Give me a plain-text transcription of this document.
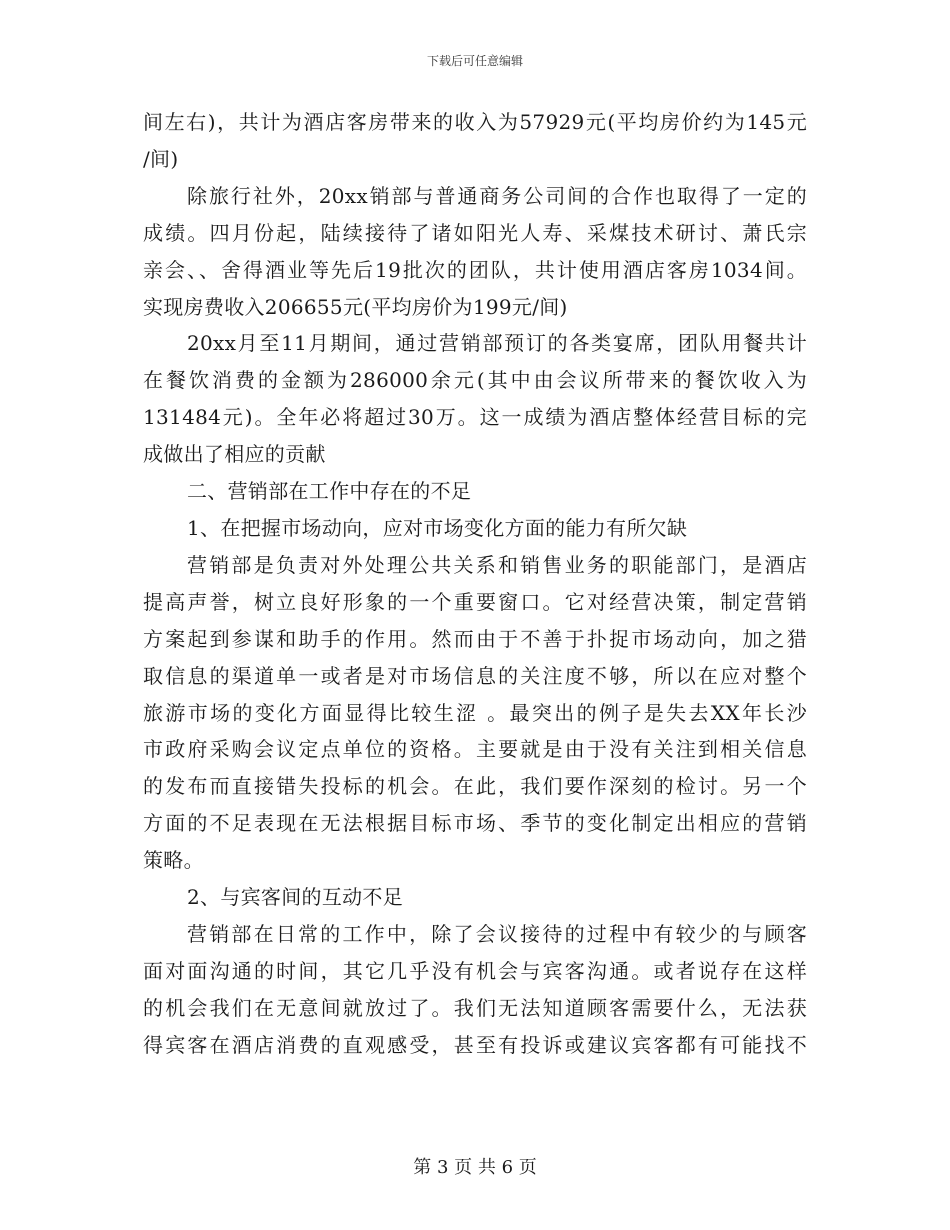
下载后可任意编辑
间左右)，共计为酒店客房带来的收入为57929元(平均房价约为145元
/间)
除旅行社外，20xx销部与普通商务公司间的合作也取得了一定的
成绩。四月份起，陆续接待了诸如阳光人寿、采煤技术研讨、萧氏宗
亲会、、舍得酒业等先后19批次的团队，共计使用酒店客房1034间。
实现房费收入206655元(平均房价为199元/间)
20xx月至11月期间，通过营销部预订的各类宴席，团队用餐共计
在餐饮消费的金额为286000余元(其中由会议所带来的餐饮收入为
131484元)。全年必将超过30万。这一成绩为酒店整体经营目标的完
成做出了相应的贡献
二、营销部在工作中存在的不足
1、在把握市场动向，应对市场变化方面的能力有所欠缺
营销部是负责对外处理公共关系和销售业务的职能部门，是酒店
提高声誉，树立良好形象的一个重要窗口。它对经营决策，制定营销
方案起到参谋和助手的作用。然而由于不善于扑捉市场动向，加之猎
取信息的渠道单一或者是对市场信息的关注度不够，所以在应对整个
旅游市场的变化方面显得比较生涩 。最突出的例子是失去XX年长沙
市政府采购会议定点单位的资格。主要就是由于没有关注到相关信息
的发布而直接错失投标的机会。在此，我们要作深刻的检讨。另一个
方面的不足表现在无法根据目标市场、季节的变化制定出相应的营销
策略。
2、与宾客间的互动不足
营销部在日常的工作中，除了会议接待的过程中有较少的与顾客
面对面沟通的时间，其它几乎没有机会与宾客沟通。或者说存在这样
的机会我们在无意间就放过了。我们无法知道顾客需要什么，无法获
得宾客在酒店消费的直观感受，甚至有投诉或建议宾客都有可能找不
第 3 页 共 6 页
